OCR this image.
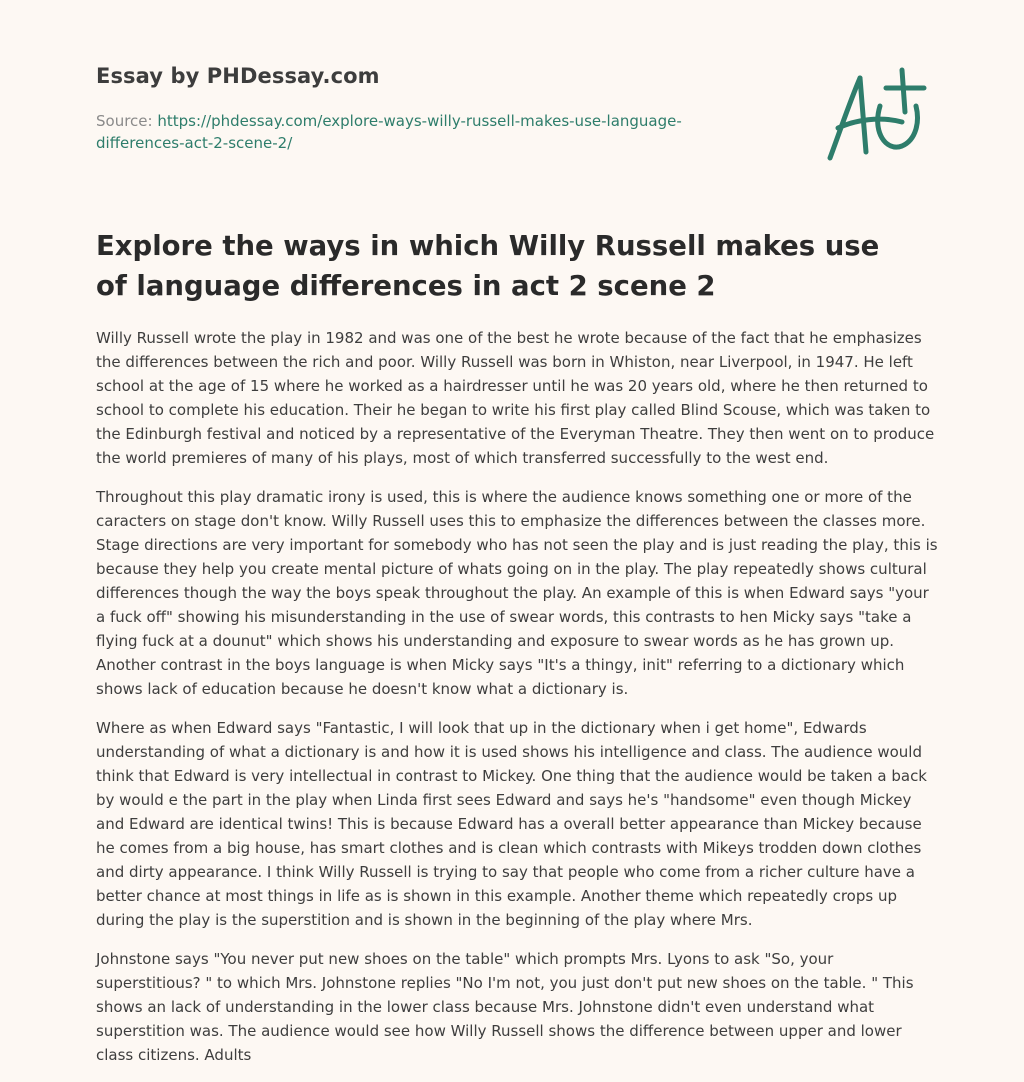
Essay by PHDessay.com
Source: https://phdessay.com/explore-ways-willy-russell-makes-use-language-differences-act-2-scene-2/
Explore the ways in which Willy Russell makes use of language differences in act 2 scene 2

Willy Russell wrote the play in 1982 and was one of the best he wrote because of the fact that he emphasizes the differences between the rich and poor. Willy Russell was born in Whiston, near Liverpool, in 1947. He left school at the age of 15 where he worked as a hairdresser until he was 20 years old, where he then returned to school to complete his education. Their he began to write his first play called Blind Scouse, which was taken to the Edinburgh festival and noticed by a representative of the Everyman Theatre. They then went on to produce the world premieres of many of his plays, most of which transferred successfully to the west end.

Throughout this play dramatic irony is used, this is where the audience knows something one or more of the caracters on stage don't know. Willy Russell uses this to emphasize the differences between the classes more. Stage directions are very important for somebody who has not seen the play and is just reading the play, this is because they help you create mental picture of whats going on in the play. The play repeatedly shows cultural differences though the way the boys speak throughout the play. An example of this is when Edward says "your a fuck off" showing his misunderstanding in the use of swear words, this contrasts to hen Micky says "take a flying fuck at a dounut" which shows his understanding and exposure to swear words as he has grown up. Another contrast in the boys language is when Micky says "It's a thingy, init" referring to a dictionary which shows lack of education because he doesn't know what a dictionary is.

Where as when Edward says "Fantastic, I will look that up in the dictionary when i get home", Edwards understanding of what a dictionary is and how it is used shows his intelligence and class. The audience would think that Edward is very intellectual in contrast to Mickey. One thing that the audience would be taken a back by would e the part in the play when Linda first sees Edward and says he's "handsome" even though Mickey and Edward are identical twins! This is because Edward has a overall better appearance than Mickey because he comes from a big house, has smart clothes and is clean which contrasts with Mikeys trodden down clothes and dirty appearance. I think Willy Russell is trying to say that people who come from a richer culture have a better chance at most things in life as is shown in this example. Another theme which repeatedly crops up during the play is the superstition and is shown in the beginning of the play where Mrs.

Johnstone says "You never put new shoes on the table" which prompts Mrs. Lyons to ask "So, your superstitious? " to which Mrs. Johnstone replies "No I'm not, you just don't put new shoes on the table. " This shows an lack of understanding in the lower class because Mrs. Johnstone didn't even understand what superstition was. The audience would see how Willy Russell shows the difference between upper and lower class citizens. Adults
